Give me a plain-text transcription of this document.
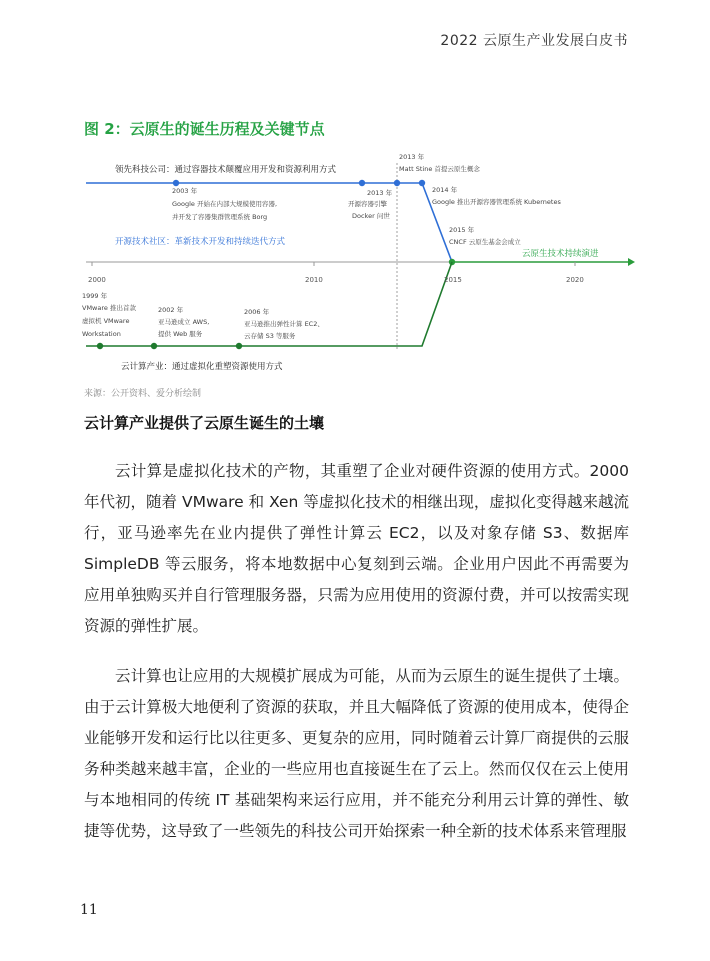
2022 云原生产业发展白皮书
图 2：云原生的诞生历程及关键节点
领先科技公司：通过容器技术颠覆应用开发和资源利用方式
开源技术社区：革新技术开发和持续迭代方式
云计算产业：通过虚拟化重塑资源使用方式
云原生技术持续演进
2000	2010	2015	2020
2003 年
Google 开始在内部大规模使用容器,
并开发了容器集群管理系统 Borg
2013 年
开源容器引擎
Docker 问世
2013 年
Matt Stine 首提云原生概念
2014 年
Google 推出开源容器管理系统 Kubernetes
2015 年
CNCF 云原生基金会成立
1999 年
VMware 推出首款
虚拟机 VMware
Workstation
2002 年
亚马逊成立 AWS,
提供 Web 服务
2006 年
亚马逊推出弹性计算 EC2、
云存储 S3 等服务
来源：公开资料、爱分析绘制
云计算产业提供了云原生诞生的土壤

云计算是虚拟化技术的产物，其重塑了企业对硬件资源的使用方式。2000 年代初，随着 VMware 和 Xen 等虚拟化技术的相继出现，虚拟化变得越来越流行，亚马逊率先在业内提供了弹性计算云 EC2，以及对象存储 S3、数据库 SimpleDB 等云服务，将本地数据中心复刻到云端。企业用户因此不再需要为应用单独购买并自行管理服务器，只需为应用使用的资源付费，并可以按需实现资源的弹性扩展。

云计算也让应用的大规模扩展成为可能，从而为云原生的诞生提供了土壤。由于云计算极大地便利了资源的获取，并且大幅降低了资源的使用成本，使得企业能够开发和运行比以往更多、更复杂的应用，同时随着云计算厂商提供的云服务种类越来越丰富，企业的一些应用也直接诞生在了云上。然而仅仅在云上使用与本地相同的传统 IT 基础架构来运行应用，并不能充分利用云计算的弹性、敏捷等优势，这导致了一些领先的科技公司开始探索一种全新的技术体系来管理服

11
